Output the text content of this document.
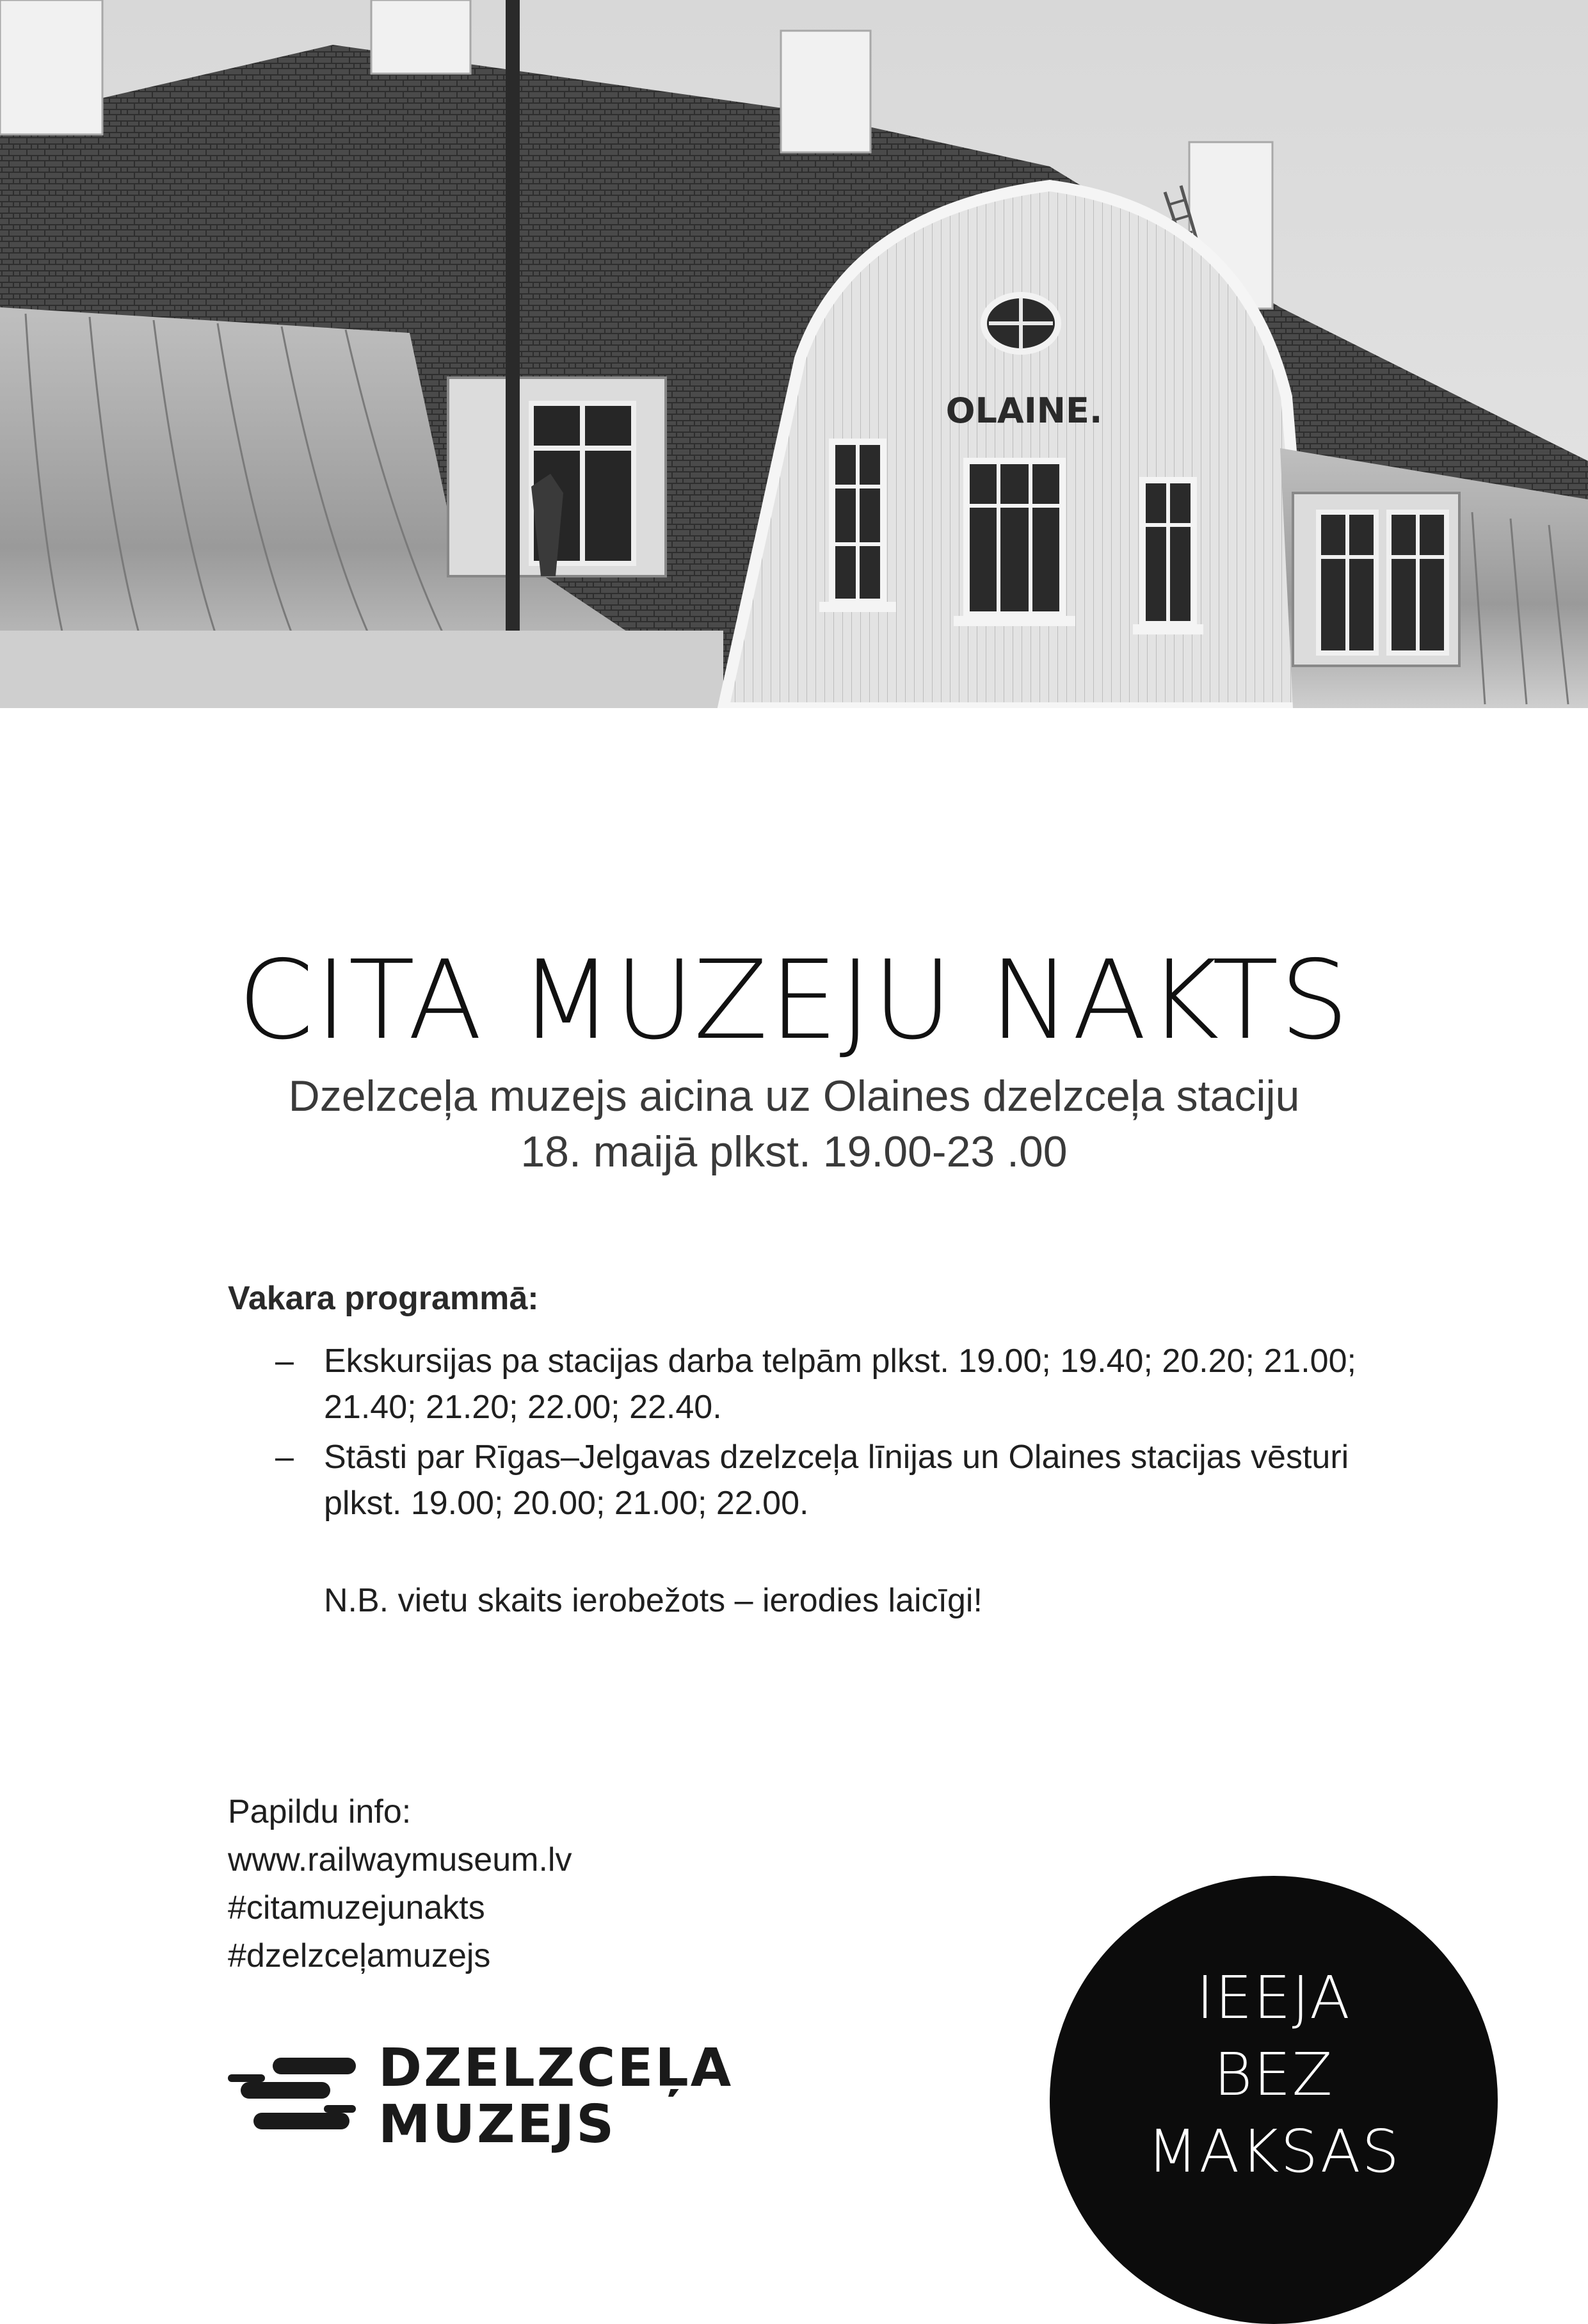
OLAINE.
CITA MUZEJU NAKTS
Dzelzceļa muzejs aicina uz Olaines dzelzceļa staciju
18. maijā plkst. 19.00-23 .00
Vakara programmā:
– Ekskursijas pa stacijas darba telpām plkst. 19.00; 19.40; 20.20; 21.00; 21.40; 21.20; 22.00; 22.40.
– Stāsti par Rīgas–Jelgavas dzelzceļa līnijas un Olaines stacijas vēsturi plkst. 19.00; 20.00; 21.00; 22.00.
N.B. vietu skaits ierobežots – ierodies laicīgi!
Papildu info:
www.railwaymuseum.lv
#citamuzejunakts
#dzelzceļamuzejs
DZELZCEĻA
MUZEJS
IEEJA
BEZ
MAKSAS
